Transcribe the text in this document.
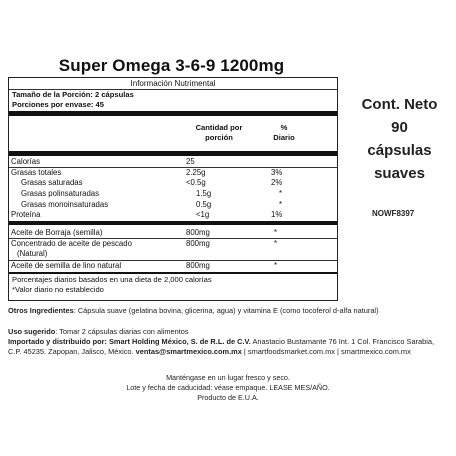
Super Omega 3-6-9 1200mg
Información Nutrimental
Tamaño de la Porción: 2 cápsulas
Porciones por envase: 45
Cantidad por porción
%
Diario
Calorías	25
Grasas totales	2.25g	3%
Grasas saturadas	<0.5g	2%
Grasas polinsaturadas	1.5g	*
Grasas monoinsaturadas	0.5g	*
Proteína	<1g	1%
Aceite de Borraja (semilla)	800mg	*
Concentrado de aceite de pescado	800mg	*
(Natural)
Aceite de semilla de lino natural	800mg	*
Porcentajes diarios basados en una dieta de 2,000 calorías
*Valor diario no establecido
Cont. Neto
90
cápsulas
suaves
NOWF8397
Otros Ingredientes: Cápsula suave (gelatina bovina, glicerina, agua) y vitamina E (como tocoferol d-alfa natural)
Uso sugerido: Tomar 2 cápsulas diarias con alimentos
Importado y distribuido por: Smart Holding México, S. de R.L. de C.V. Anastacio Bustamante 76 Int. 1 Col. Francisco Sarabia, C.P. 45235. Zapopan, Jalisco, México. ventas@smartmexico.com.mx | smartfoodsmarket.com.mx | smartmexico.com.mx
Manténgase en un lugar fresco y seco.
Lote y fecha de caducidad: véase empaque. LEASE MES/AÑO.
Producto de E.U.A.
